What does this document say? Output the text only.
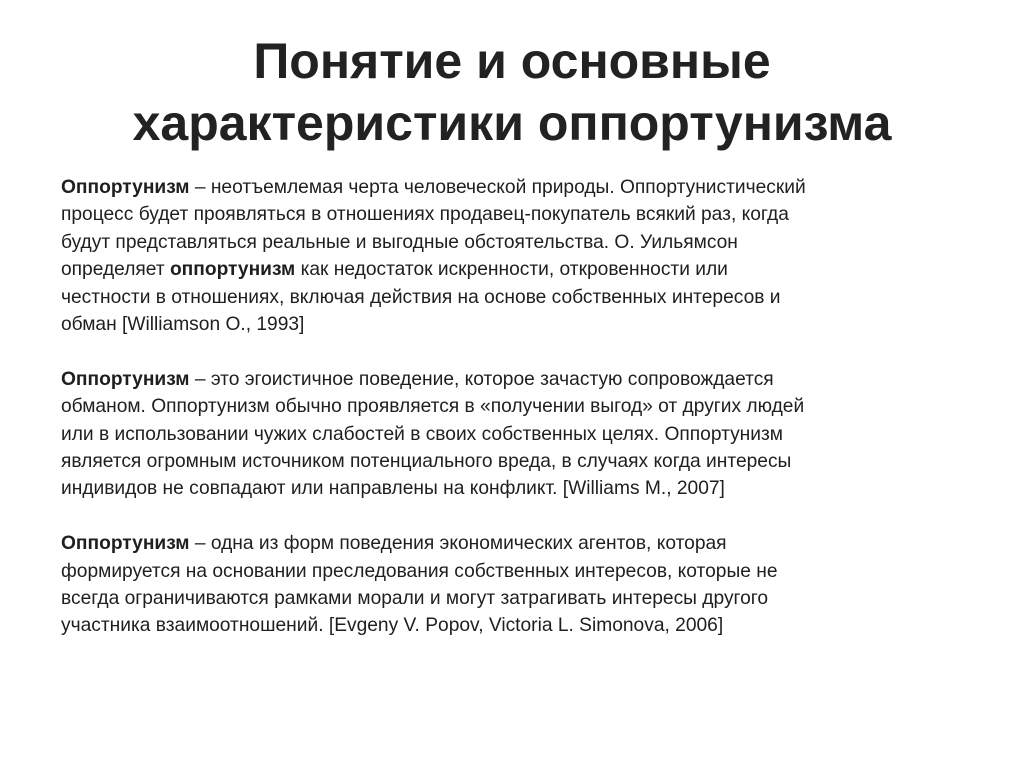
Понятие и основные
характеристики оппортунизма
Оппортунизм – неотъемлемая черта человеческой природы. Оппортунистический
процесс будет проявляться в отношениях продавец-покупатель всякий раз, когда
будут представляться реальные и выгодные обстоятельства. О. Уильямсон
определяет оппортунизм как недостаток искренности, откровенности или
честности в отношениях, включая действия на основе собственных интересов и
обман [Williamson O., 1993]
Оппортунизм – это эгоистичное поведение, которое зачастую сопровождается
обманом. Оппортунизм обычно проявляется в «получении выгод» от других людей
или в использовании чужих слабостей в своих собственных целях. Оппортунизм
является огромным источником потенциального вреда, в случаях когда интересы
индивидов не совпадают или направлены на конфликт. [Williams M., 2007]
Оппортунизм – одна из форм поведения экономических агентов, которая
формируется на основании преследования собственных интересов, которые не
всегда ограничиваются рамками морали и могут затрагивать интересы другого
участника взаимоотношений. [Evgeny V. Popov, Victoria L. Simonova, 2006]
